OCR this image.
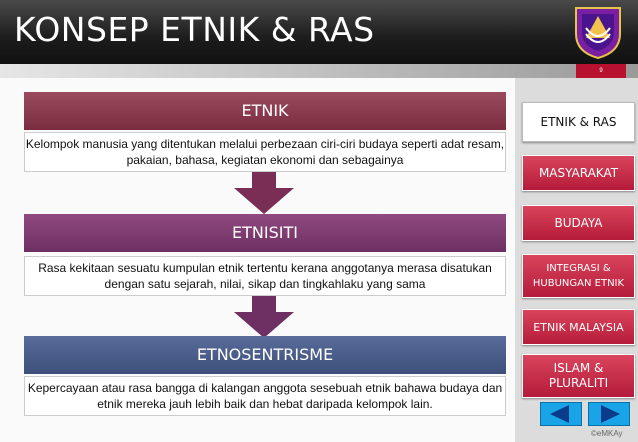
KONSEP ETNIK & RAS
9
ETNIK
Kelompok manusia yang ditentukan melalui perbezaan ciri-ciri budaya seperti adat resam, pakaian, bahasa, kegiatan ekonomi dan sebagainya
ETNISITI
Rasa kekitaan sesuatu kumpulan etnik tertentu kerana anggotanya merasa disatukan dengan satu sejarah, nilai, sikap dan tingkahlaku yang sama
ETNOSENTRISME
Kepercayaan atau rasa bangga di kalangan anggota sesebuah etnik bahawa budaya dan etnik mereka jauh lebih baik dan hebat daripada kelompok lain.
ETNIK & RAS
MASYARAKAT
BUDAYA
INTEGRASI & HUBUNGAN ETNIK
ETNIK MALAYSIA
ISLAM & PLURALITI
©eMKAy
